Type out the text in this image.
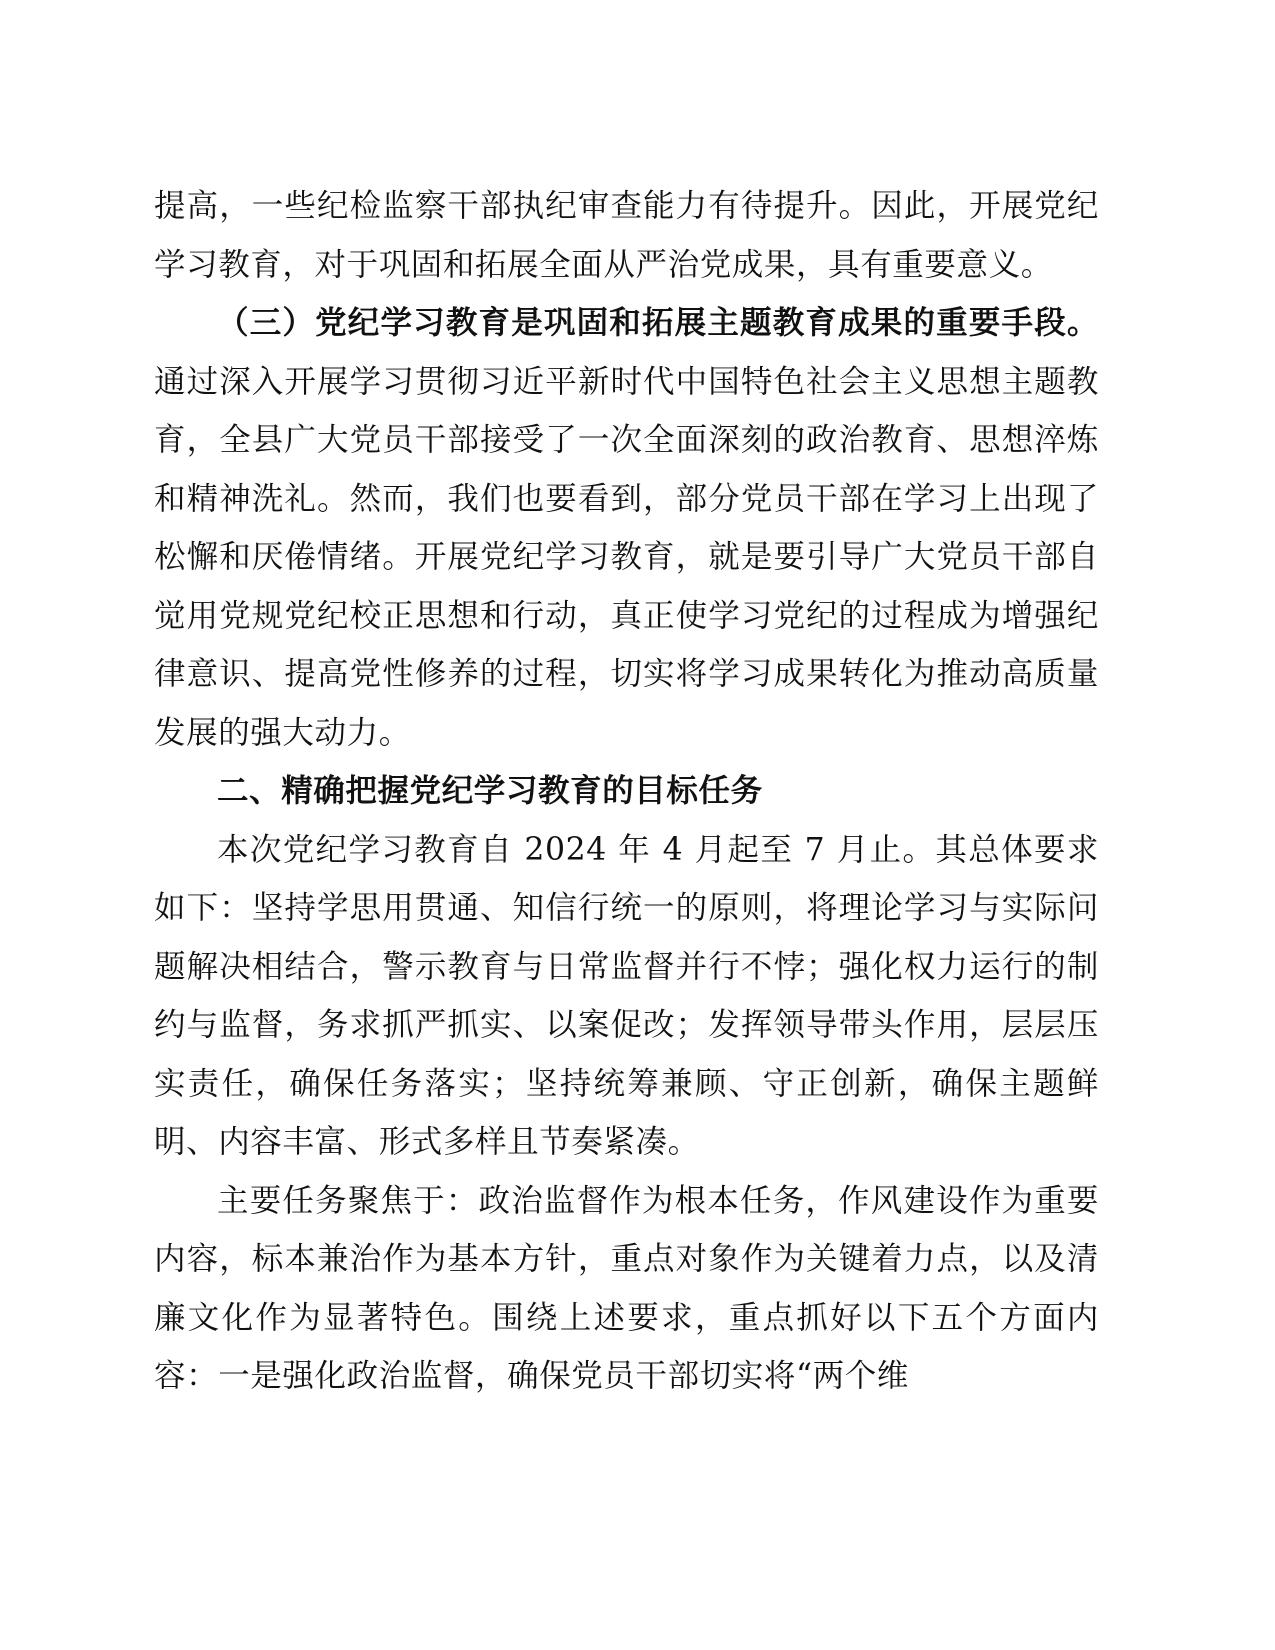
提高，一些纪检监察干部执纪审查能力有待提升。因此，开展党纪学习教育，对于巩固和拓展全面从严治党成果，具有重要意义。

（三）党纪学习教育是巩固和拓展主题教育成果的重要手段。通过深入开展学习贯彻习近平新时代中国特色社会主义思想主题教育，全县广大党员干部接受了一次全面深刻的政治教育、思想淬炼和精神洗礼。然而，我们也要看到，部分党员干部在学习上出现了松懈和厌倦情绪。开展党纪学习教育，就是要引导广大党员干部自觉用党规党纪校正思想和行动，真正使学习党纪的过程成为增强纪律意识、提高党性修养的过程，切实将学习成果转化为推动高质量发展的强大动力。

二、精确把握党纪学习教育的目标任务

本次党纪学习教育自 2024 年 4 月起至 7 月止。其总体要求如下：坚持学思用贯通、知信行统一的原则，将理论学习与实际问题解决相结合，警示教育与日常监督并行不悖；强化权力运行的制约与监督，务求抓严抓实、以案促改；发挥领导带头作用，层层压实责任，确保任务落实；坚持统筹兼顾、守正创新，确保主题鲜明、内容丰富、形式多样且节奏紧凑。

主要任务聚焦于：政治监督作为根本任务，作风建设作为重要内容，标本兼治作为基本方针，重点对象作为关键着力点，以及清廉文化作为显著特色。围绕上述要求，重点抓好以下五个方面内容：一是强化政治监督，确保党员干部切实将“两个维
